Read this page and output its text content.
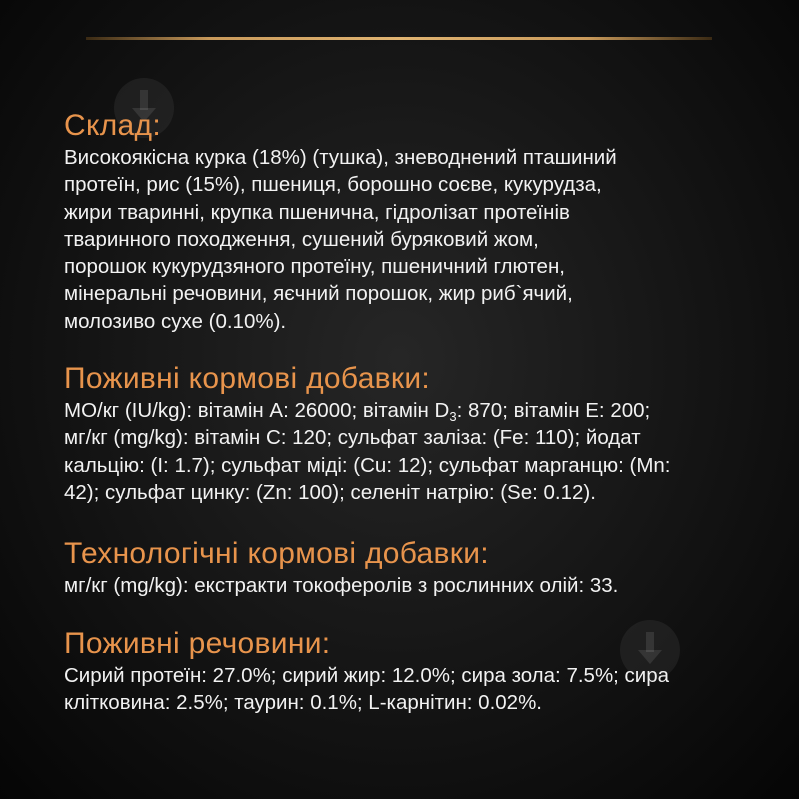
Склад:

Високоякісна курка (18%) (тушка), зневоднений пташиний

протеїн, рис (15%), пшениця, борошно соєве, кукурудза,

жири тваринні, крупка пшенична, гідролізат протеїнів

тваринного походження, сушений буряковий жом,

порошок кукурудзяного протеїну, пшеничний глютен,

мінеральні речовини, яєчний порошок, жир риб`ячий,

молозиво сухе (0.10%).

Поживні кормові добавки:

МО/кг (IU/kg): вітамін А: 26000; вітамін $D_3$: 870; вітамін Е: 200;

мг/кг (mg/kg): вітамін С: 120; сульфат заліза: (Fe: 110); йодат

кальцію: (I: 1.7); сульфат міді: (Cu: 12); сульфат марганцю: (Mn:

42); сульфат цинку: (Zn: 100); селеніт натрію: (Se: 0.12).

Технологічні кормові добавки:

мг/кг (mg/kg): екстракти токоферолів з рослинних олій: 33.

Поживні речовини:

Сирий протеїн: 27.0%; сирий жир: 12.0%; сира зола: 7.5%; сира

клітковина: 2.5%; таурин: 0.1%; L-карнітин: 0.02%.
